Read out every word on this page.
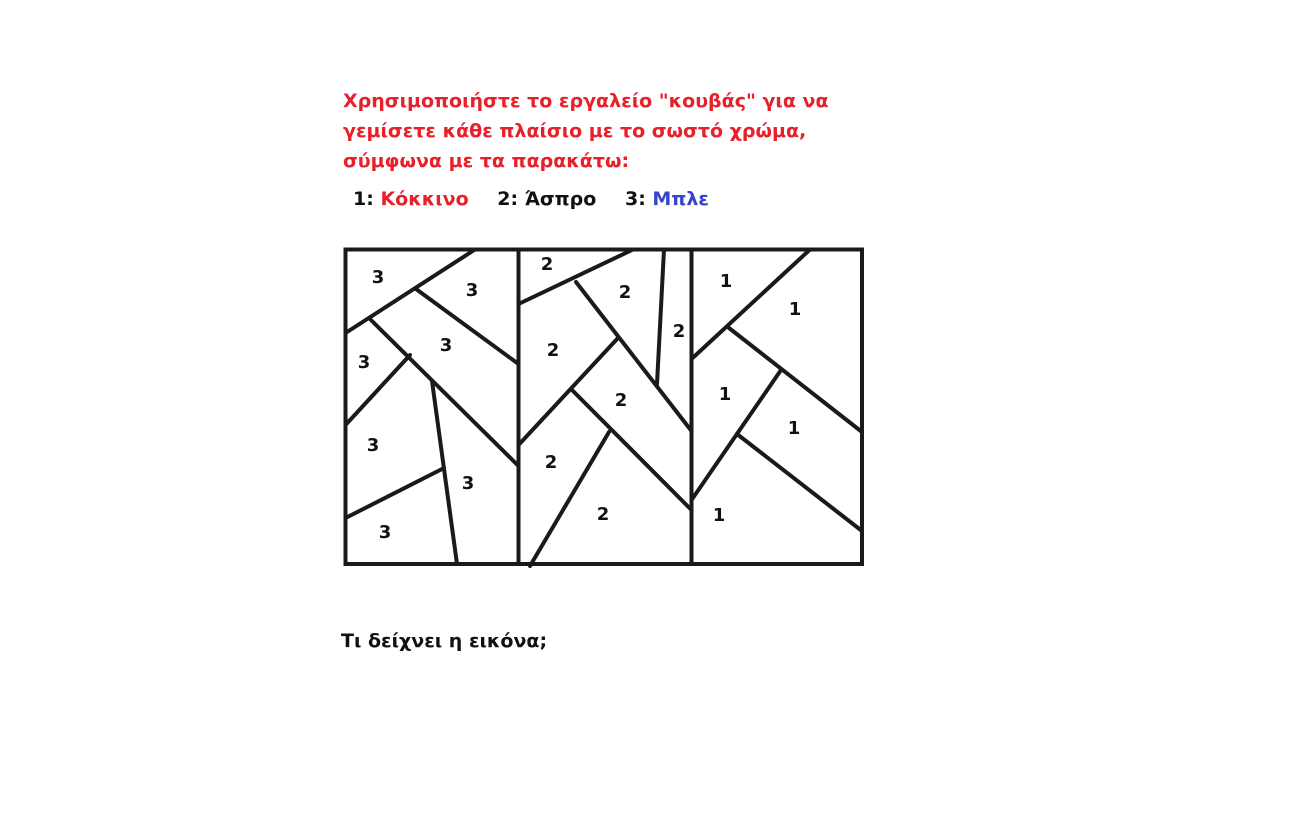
Χρησιμοποιήστε το εργαλείο "κουβάς" για να γεμίσετε κάθε πλαίσιο με το σωστό χρώμα, σύμφωνα με τα παρακάτω:

1: Κόκκινο 2: Άσπρο 3: Μπλε
3
3
3
3
3
3
3
2
2
2
2
2
2
2
1
1
1
1
1

Τι δείχνει η εικόνα;
